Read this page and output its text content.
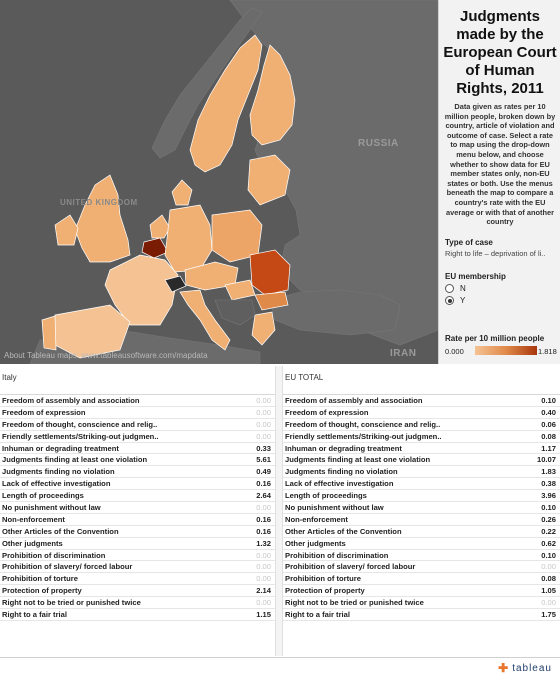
RUSSIA
IRAN
UNITED KINGDOM
About Tableau maps: www.tableausoftware.com/mapdata
Judgments made by the European Court of Human Rights, 2011
Data given as rates per 10 million people, broken down by country, article of violation and outcome of case. Select a rate to map using the drop-down menu below, and choose whether to show data for EU member states only, non-EU states or both. Use the menus beneath the map to compare a country's rate with the EU average or with that of another country
Type of case
Right to life – deprivation of li..
EU membership
N
Y
Rate per 10 million people
0.000	1.818
Italy
Freedom of assembly and association	0.00
Freedom of expression	0.00
Freedom of thought, conscience and relig..	0.00
Friendly settlements/Striking-out judgmen..	0.00
Inhuman or degrading treatment	0.33
Judgments finding at least one violation	5.61
Judgments finding no violation	0.49
Lack of effective investigation	0.16
Length of proceedings	2.64
No punishment without law	0.00
Non-enforcement	0.16
Other Articles of the Convention	0.16
Other judgments	1.32
Prohibition of discrimination	0.00
Prohibition of slavery/ forced labour	0.00
Prohibition of torture	0.00
Protection of property	2.14
Right not to be tried or punished twice	0.00
Right to a fair trial	1.15
EU TOTAL
Freedom of assembly and association	0.10
Freedom of expression	0.40
Freedom of thought, conscience and relig..	0.06
Friendly settlements/Striking-out judgmen..	0.08
Inhuman or degrading treatment	1.17
Judgments finding at least one violation	10.07
Judgments finding no violation	1.83
Lack of effective investigation	0.38
Length of proceedings	3.96
No punishment without law	0.10
Non-enforcement	0.26
Other Articles of the Convention	0.22
Other judgments	0.62
Prohibition of discrimination	0.10
Prohibition of slavery/ forced labour	0.00
Prohibition of torture	0.08
Protection of property	1.05
Right not to be tried or punished twice	0.00
Right to a fair trial	1.75
✚ tableau
